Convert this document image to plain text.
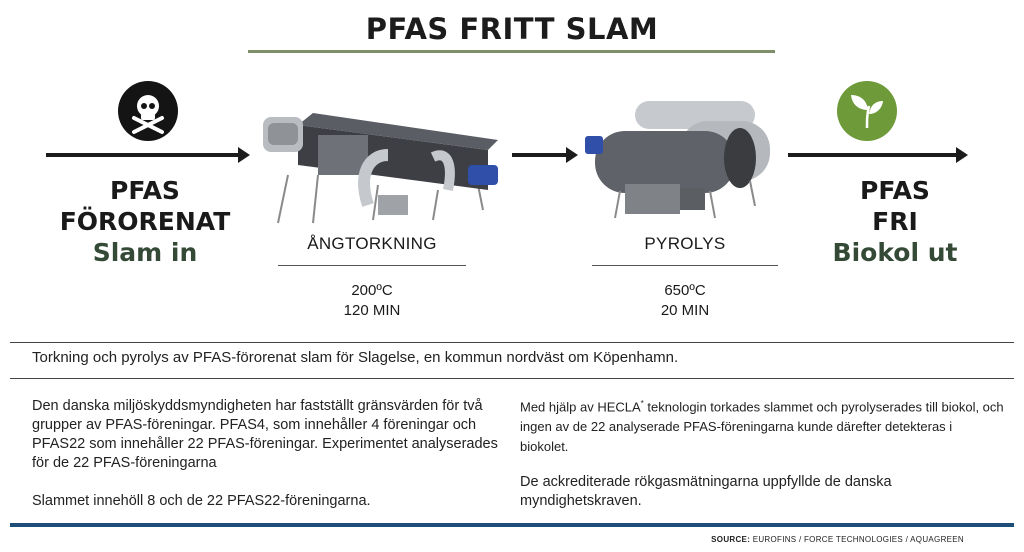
PFAS FRITT SLAM
PFAS
FÖRORENAT
Slam in
PFAS
FRI
Biokol ut
ÅNGTORKNING
200ºC
120 MIN
PYROLYS
650ºC
20 MIN
Torkning och pyrolys av PFAS-förorenat slam för Slagelse, en kommun nordväst om Köpenhamn.

Den danska miljöskyddsmyndigheten har fastställt gränsvärden för två grupper av PFAS-föreningar. PFAS4, som innehåller 4 föreningar och PFAS22 som innehåller 22 PFAS-föreningar. Experimentet analyserades för de 22 PFAS-föreningarna

Slammet innehöll 8 och de 22 PFAS22-föreningarna.

Med hjälp av HECLA* teknologin torkades slammet och pyrolyserades till biokol, och ingen av de 22 analyserade PFAS-föreningarna kunde därefter detekteras i biokolet.

De ackrediterade rökgasmätningarna uppfyllde de danska myndighetskraven.

SOURCE: EUROFINS / FORCE TECHNOLOGIES / AQUAGREEN
